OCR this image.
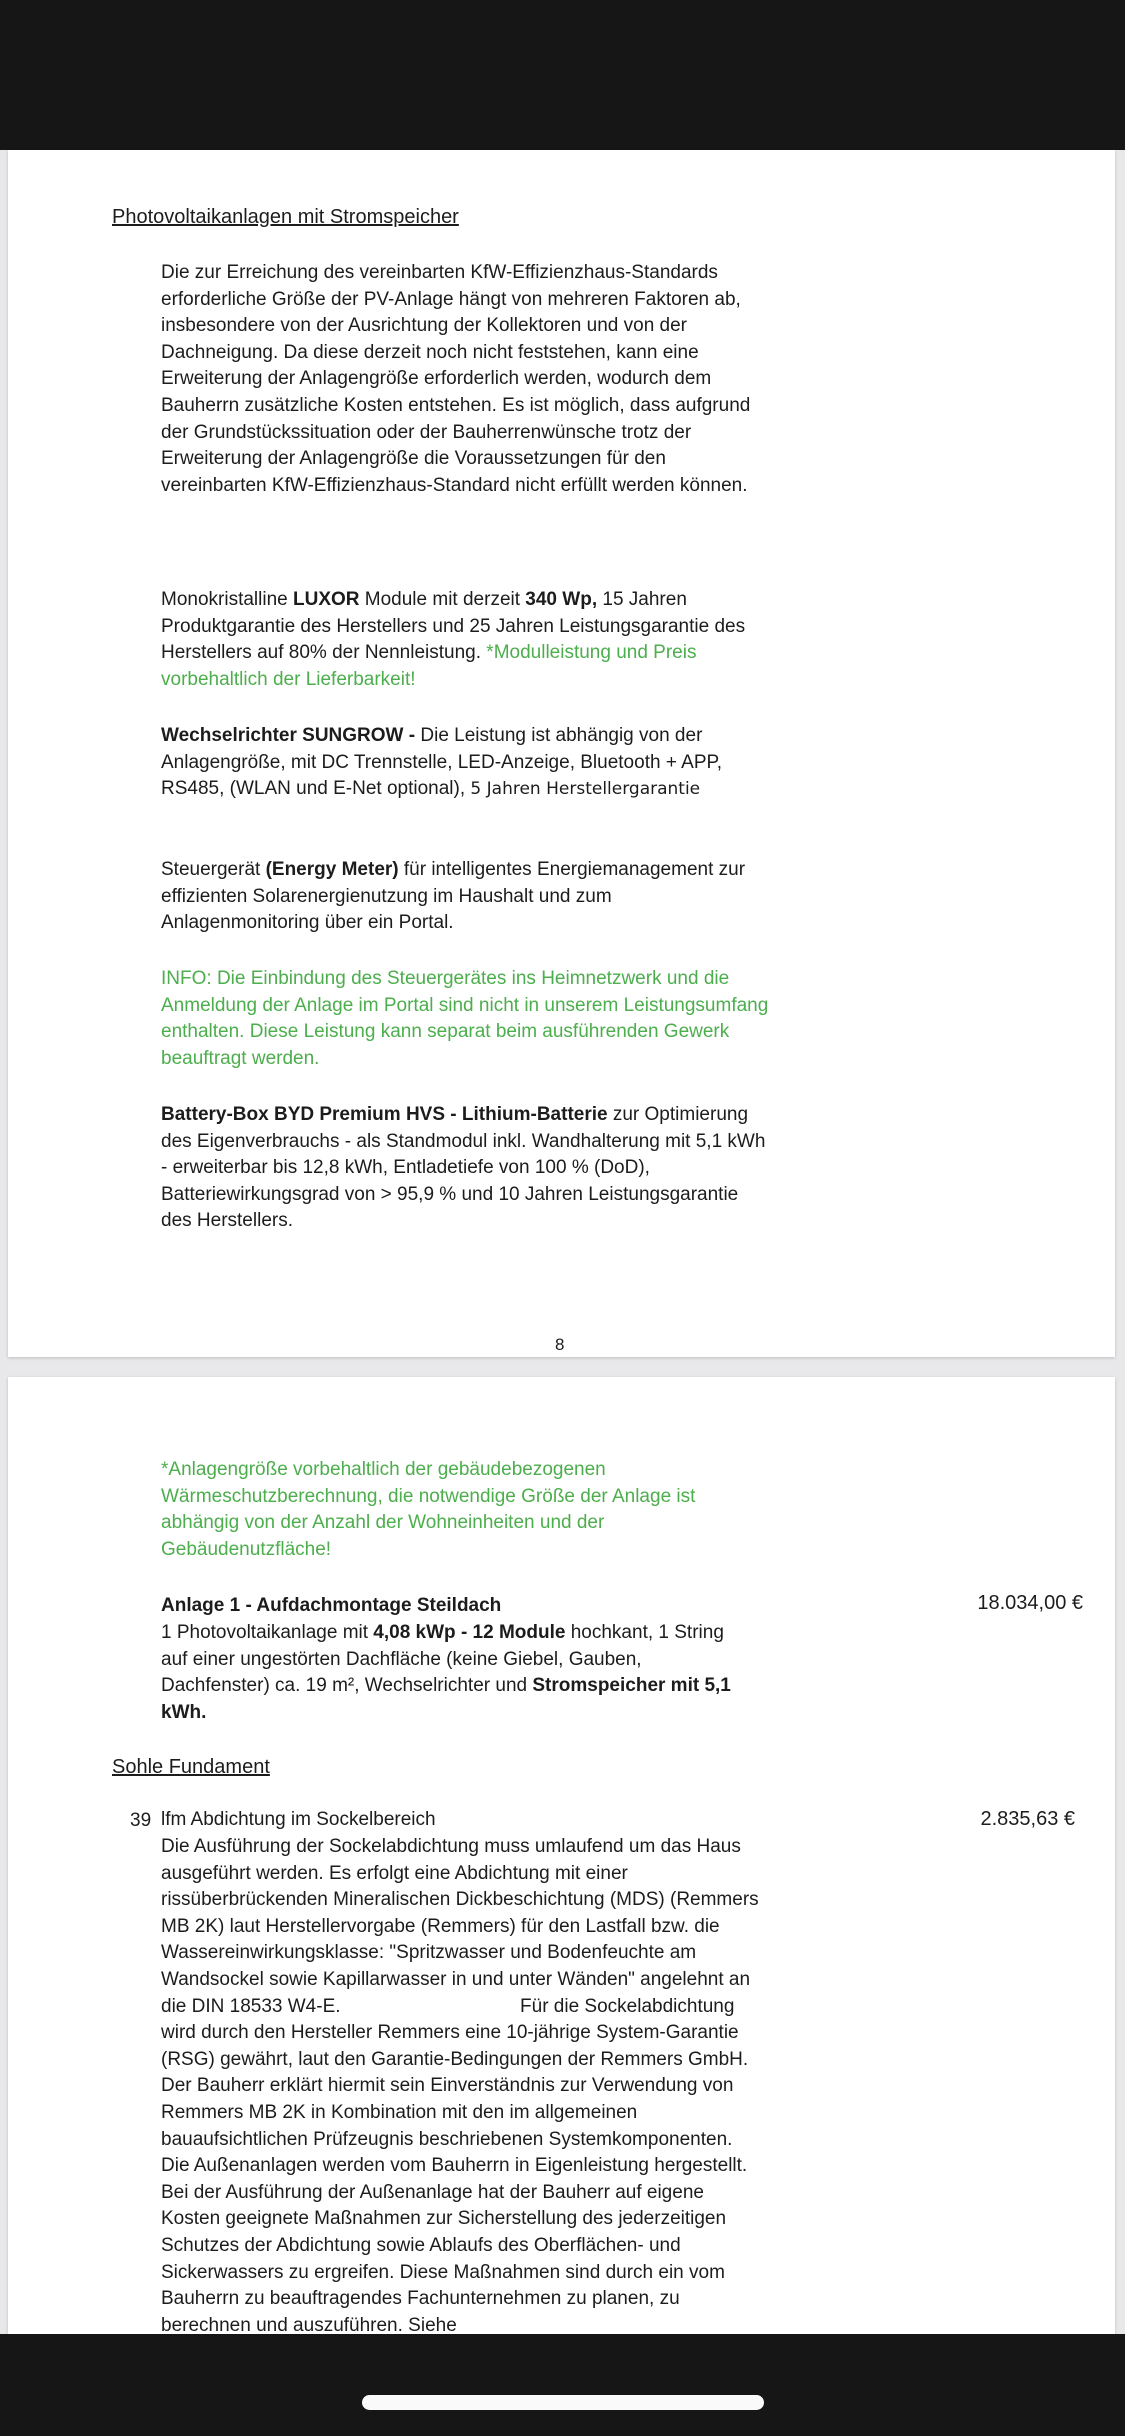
Photovoltaikanlagen mit Stromspeicher
Die zur Erreichung des vereinbarten KfW-Effizienzhaus-Standards erforderliche Größe der PV-Anlage hängt von mehreren Faktoren ab, insbesondere von der Ausrichtung der Kollektoren und von der Dachneigung. Da diese derzeit noch nicht feststehen, kann eine Erweiterung der Anlagengröße erforderlich werden, wodurch dem Bauherrn zusätzliche Kosten entstehen. Es ist möglich, dass aufgrund der Grundstückssituation oder der Bauherrenwünsche trotz der Erweiterung der Anlagengröße die Voraussetzungen für den vereinbarten KfW-Effizienzhaus-Standard nicht erfüllt werden können.
Monokristalline LUXOR Module mit derzeit 340 Wp, 15 Jahren Produktgarantie des Herstellers und 25 Jahren Leistungsgarantie des Herstellers auf 80% der Nennleistung. *Modulleistung und Preis vorbehaltlich der Lieferbarkeit!
Wechselrichter SUNGROW - Die Leistung ist abhängig von der Anlagengröße, mit DC Trennstelle, LED-Anzeige, Bluetooth + APP, RS485, (WLAN und E-Net optional), 5 Jahren Herstellergarantie
Steuergerät (Energy Meter) für intelligentes Energiemanagement zur effizienten Solarenergienutzung im Haushalt und zum Anlagenmonitoring über ein Portal.
INFO: Die Einbindung des Steuergerätes ins Heimnetzwerk und die Anmeldung der Anlage im Portal sind nicht in unserem Leistungsumfang enthalten. Diese Leistung kann separat beim ausführenden Gewerk beauftragt werden.
Battery-Box BYD Premium HVS - Lithium-Batterie zur Optimierung des Eigenverbrauchs - als Standmodul inkl. Wandhalterung mit 5,1 kWh - erweiterbar bis 12,8 kWh, Entladetiefe von 100 % (DoD), Batteriewirkungsgrad von > 95,9 % und 10 Jahren Leistungsgarantie des Herstellers.
8
*Anlagengröße vorbehaltlich der gebäudebezogenen Wärmeschutzberechnung, die notwendige Größe der Anlage ist abhängig von der Anzahl der Wohneinheiten und der Gebäudenutzfläche!
Anlage 1 - Aufdachmontage Steildach	18.034,00 €
1 Photovoltaikanlage mit 4,08 kWp - 12 Module hochkant, 1 String auf einer ungestörten Dachfläche (keine Giebel, Gauben, Dachfenster) ca. 19 m², Wechselrichter und Stromspeicher mit 5,1 kWh.
Sohle Fundament
39 lfm Abdichtung im Sockelbereich	2.835,63 €
Die Ausführung der Sockelabdichtung muss umlaufend um das Haus ausgeführt werden. Es erfolgt eine Abdichtung mit einer rissüberbrückenden Mineralischen Dickbeschichtung (MDS) (Remmers MB 2K) laut Herstellervorgabe (Remmers) für den Lastfall bzw. die Wassereinwirkungsklasse: "Spritzwasser und Bodenfeuchte am Wandsockel sowie Kapillarwasser in und unter Wänden" angelehnt an die DIN 18533 W4-E.	Für die Sockelabdichtung wird durch den Hersteller Remmers eine 10-jährige System-Garantie (RSG) gewährt, laut den Garantie-Bedingungen der Remmers GmbH. Der Bauherr erklärt hiermit sein Einverständnis zur Verwendung von Remmers MB 2K in Kombination mit den im allgemeinen bauaufsichtlichen Prüfzeugnis beschriebenen Systemkomponenten. Die Außenanlagen werden vom Bauherrn in Eigenleistung hergestellt. Bei der Ausführung der Außenanlage hat der Bauherr auf eigene Kosten geeignete Maßnahmen zur Sicherstellung des jederzeitigen Schutzes der Abdichtung sowie Ablaufs des Oberflächen- und Sickerwassers zu ergreifen. Diese Maßnahmen sind durch ein vom Bauherrn zu beauftragendes Fachunternehmen zu planen, zu berechnen und auszuführen. Siehe
